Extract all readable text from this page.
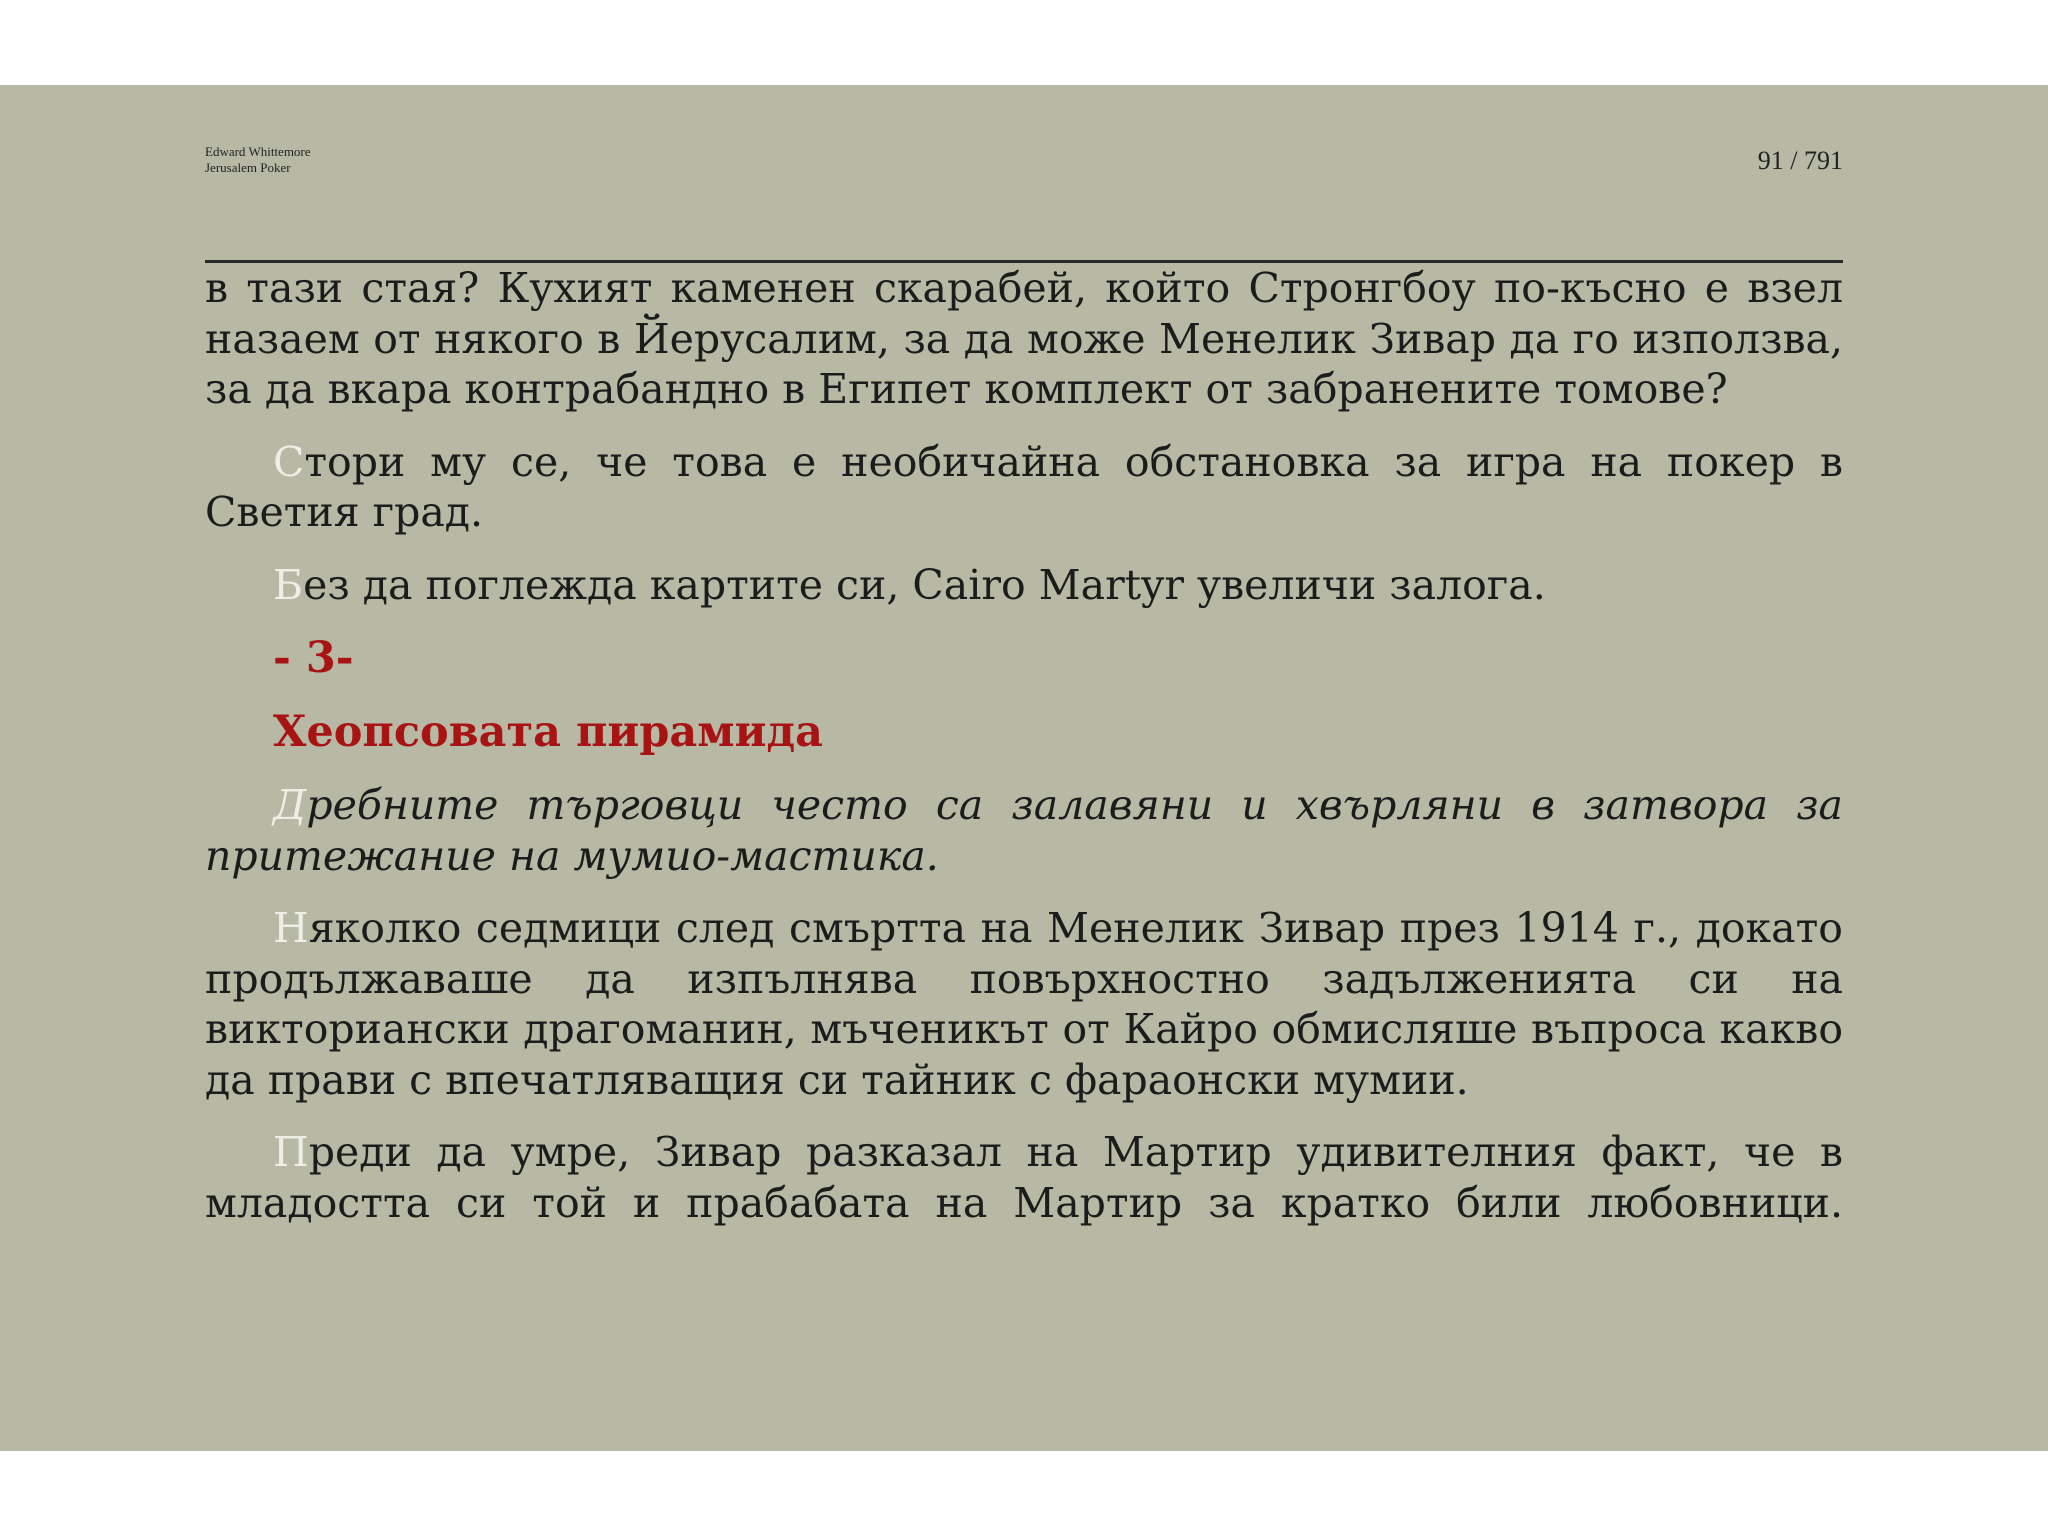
Edward Whittemore
Jerusalem Poker	91 / 791

в тази стая? Кухият каменен скарабей, който Стронгбоу по-късно е взел назаем от някого в Йерусалим, за да може Менелик Зивар да го използва, за да вкара контрабандно в Египет комплект от забранените томове?

Стори му се, че това е необичайна обстановка за игра на покер в Светия град.

Без да поглежда картите си, Cairo Martyr увеличи залога.

- 3-

Хеопсовата пирамида

Дребните търговци често са залавяни и хвърляни в затвора за притежание на мумио-мастика.

Няколко седмици след смъртта на Менелик Зивар през 1914 г., докато продължаваше да изпълнява повърхностно задълженията си на викториански драгоманин, мъченикът от Кайро обмисляше въпроса какво да прави с впечатляващия си тайник с фараонски мумии.

Преди да умре, Зивар разказал на Мартир удивителния факт, че в младостта си той и прабабата на Мартир за кратко били любовници.
